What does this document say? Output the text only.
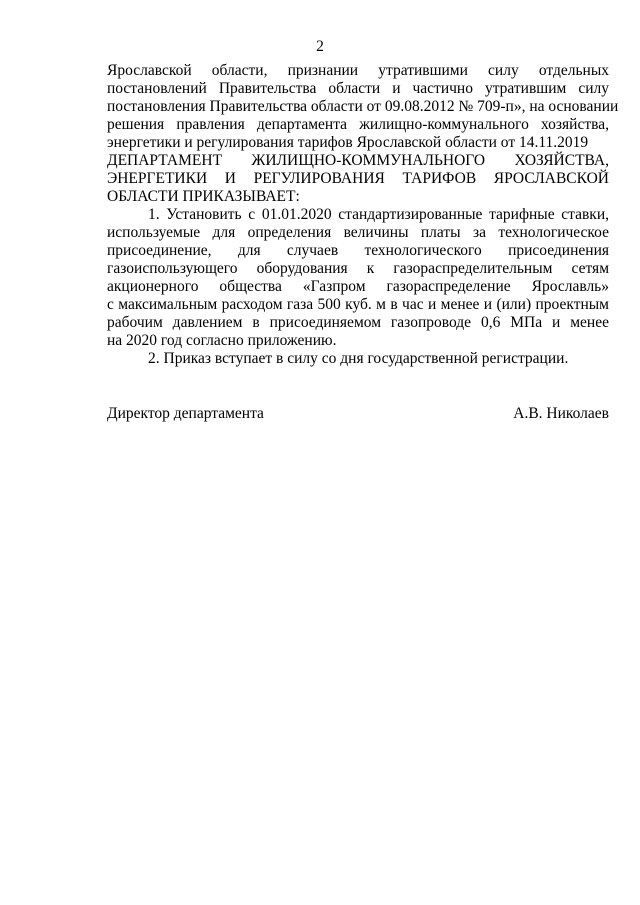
2

Ярославской области, признании утратившими силу отдельных

постановлений Правительства области и частично утратившим силу

постановления Правительства области от 09.08.2012 № 709-п», на основании

решения правления департамента жилищно-коммунального хозяйства,

энергетики и регулирования тарифов Ярославской области от 14.11.2019

ДЕПАРТАМЕНТ ЖИЛИЩНО-КОММУНАЛЬНОГО ХОЗЯЙСТВА,

ЭНЕРГЕТИКИ И РЕГУЛИРОВАНИЯ ТАРИФОВ ЯРОСЛАВСКОЙ

ОБЛАСТИ ПРИКАЗЫВАЕТ:

1. Установить с 01.01.2020 стандартизированные тарифные ставки,

используемые для определения величины платы за технологическое

присоединение, для случаев технологического присоединения

газоиспользующего оборудования к газораспределительным сетям

акционерного общества «Газпром газораспределение Ярославль»

с максимальным расходом газа 500 куб. м в час и менее и (или) проектным

рабочим давлением в присоединяемом газопроводе 0,6 МПа и менее

на 2020 год согласно приложению.

2. Приказ вступает в силу со дня государственной регистрации.

Директор департамента	А.В. Николаев
